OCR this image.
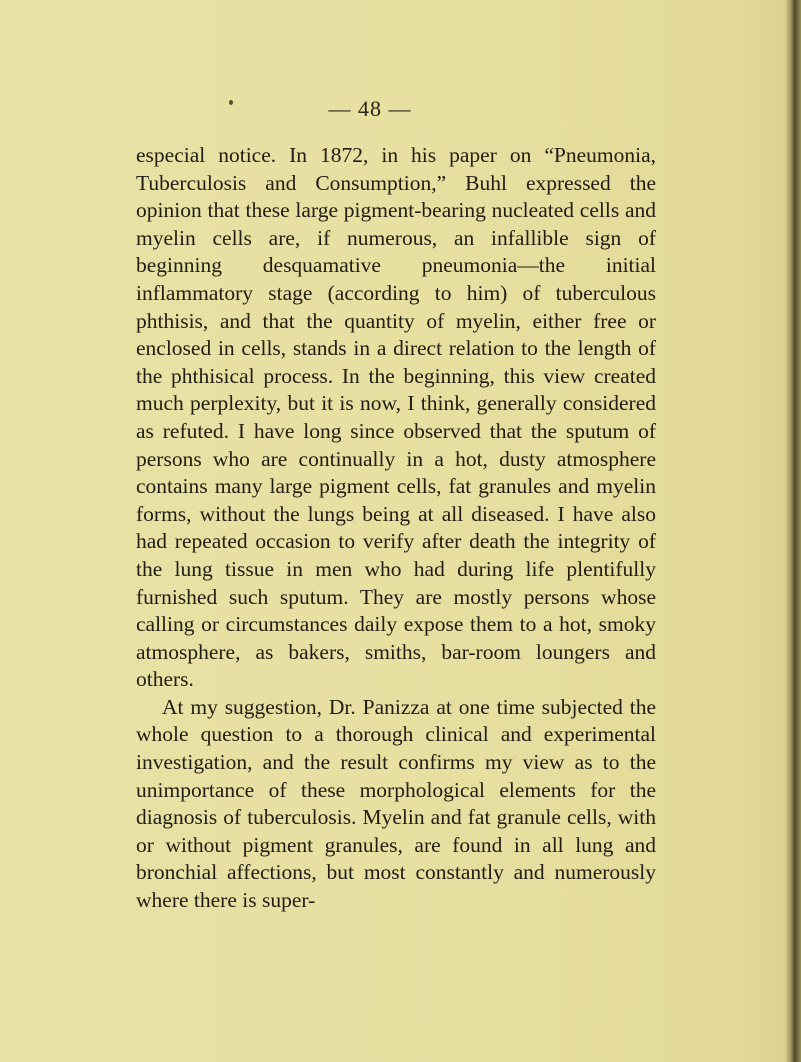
— 48 —

especial notice. In 1872, in his paper on “Pneumonia, Tuberculosis and Consumption,” Buhl expressed the opinion that these large pigment-bearing nucleated cells and myelin cells are, if numerous, an infallible sign of beginning desquamative pneumonia—the initial inflammatory stage (according to him) of tuberculous phthisis, and that the quantity of myelin, either free or enclosed in cells, stands in a direct relation to the length of the phthisical process. In the beginning, this view created much perplexity, but it is now, I think, generally considered as refuted. I have long since observed that the sputum of persons who are continually in a hot, dusty atmosphere contains many large pigment cells, fat granules and myelin forms, without the lungs being at all diseased. I have also had repeated occasion to verify after death the integrity of the lung tissue in men who had during life plentifully furnished such sputum. They are mostly persons whose calling or circumstances daily expose them to a hot, smoky atmosphere, as bakers, smiths, bar-room loungers and others.

At my suggestion, Dr. Panizza at one time subjected the whole question to a thorough clinical and experimental investigation, and the result confirms my view as to the unimportance of these morphological elements for the diagnosis of tuberculosis. Myelin and fat granule cells, with or without pigment granules, are found in all lung and bronchial affections, but most constantly and numerously where there is super-
